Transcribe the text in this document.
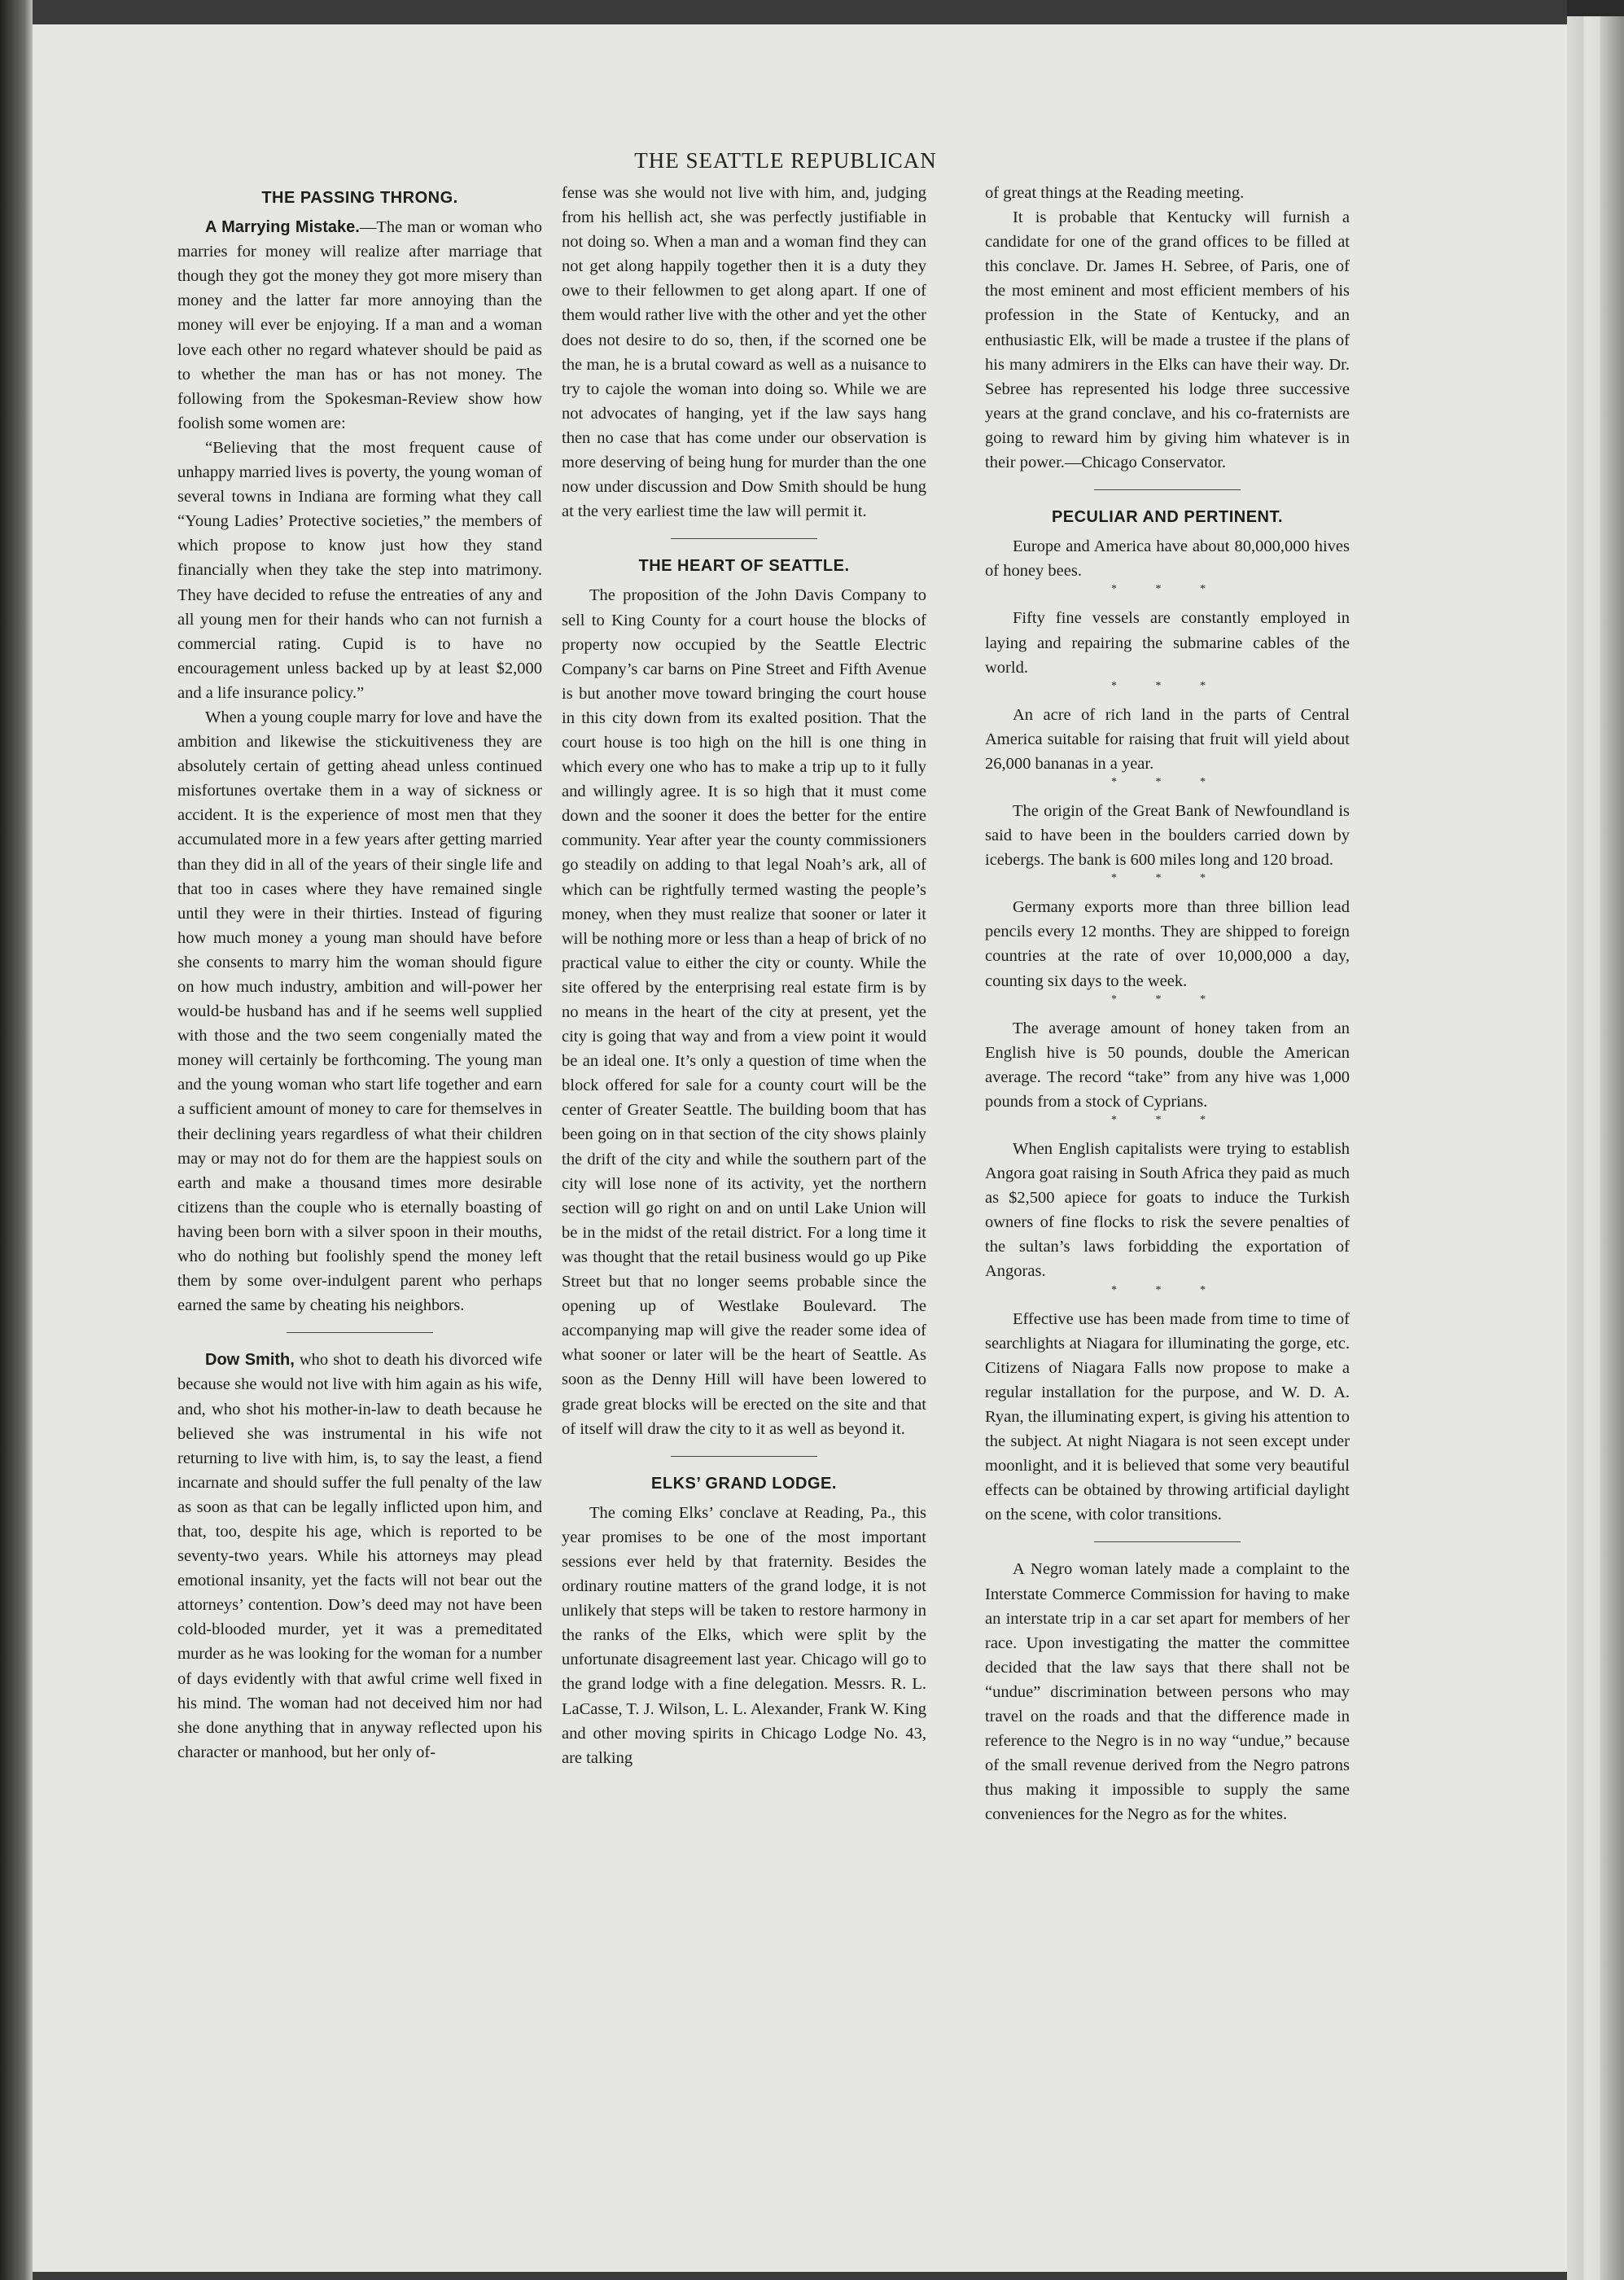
THE SEATTLE REPUBLICAN
THE PASSING THRONG.

A Marrying Mistake.—The man or woman who marries for money will realize after marriage that though they got the money they got more misery than money and the latter far more annoying than the money will ever be enjoying. If a man and a woman love each other no regard whatever should be paid as to whether the man has or has not money. The following from the Spokesman-Review show how foolish some women are:

“Believing that the most frequent cause of unhappy married lives is poverty, the young woman of several towns in Indiana are forming what they call “Young Ladies’ Protective societies,” the members of which propose to know just how they stand financially when they take the step into matrimony. They have decided to refuse the entreaties of any and all young men for their hands who can not furnish a commercial rating. Cupid is to have no encouragement unless backed up by at least $2,000 and a life insurance policy.”

When a young couple marry for love and have the ambition and likewise the stickuitiveness they are absolutely certain of getting ahead unless continued misfortunes overtake them in a way of sickness or accident. It is the experience of most men that they accumulated more in a few years after getting married than they did in all of the years of their single life and that too in cases where they have remained single until they were in their thirties. Instead of figuring how much money a young man should have before she consents to marry him the woman should figure on how much industry, ambition and will-power her would-be husband has and if he seems well supplied with those and the two seem congenially mated the money will certainly be forthcoming. The young man and the young woman who start life together and earn a sufficient amount of money to care for themselves in their declining years regardless of what their children may or may not do for them are the happiest souls on earth and make a thousand times more desirable citizens than the couple who is eternally boasting of having been born with a silver spoon in their mouths, who do nothing but foolishly spend the money left them by some over-indulgent parent who perhaps earned the same by cheating his neighbors.

Dow Smith, who shot to death his divorced wife because she would not live with him again as his wife, and, who shot his mother-in-law to death because he believed she was instrumental in his wife not returning to live with him, is, to say the least, a fiend incarnate and should suffer the full penalty of the law as soon as that can be legally inflicted upon him, and that, too, despite his age, which is reported to be seventy-two years. While his attorneys may plead emotional insanity, yet the facts will not bear out the attorneys’ contention. Dow’s deed may not have been cold-blooded murder, yet it was a premeditated murder as he was looking for the woman for a number of days evidently with that awful crime well fixed in his mind. The woman had not deceived him nor had she done anything that in anyway reflected upon his character or manhood, but her only of-

fense was she would not live with him, and, judging from his hellish act, she was perfectly justifiable in not doing so. When a man and a woman find they can not get along happily together then it is a duty they owe to their fellowmen to get along apart. If one of them would rather live with the other and yet the other does not desire to do so, then, if the scorned one be the man, he is a brutal coward as well as a nuisance to try to cajole the woman into doing so. While we are not advocates of hanging, yet if the law says hang then no case that has come under our observation is more deserving of being hung for murder than the one now under discussion and Dow Smith should be hung at the very earliest time the law will permit it.

THE HEART OF SEATTLE.

The proposition of the John Davis Company to sell to King County for a court house the blocks of property now occupied by the Seattle Electric Company’s car barns on Pine Street and Fifth Avenue is but another move toward bringing the court house in this city down from its exalted position. That the court house is too high on the hill is one thing in which every one who has to make a trip up to it fully and willingly agree. It is so high that it must come down and the sooner it does the better for the entire community. Year after year the county commissioners go steadily on adding to that legal Noah’s ark, all of which can be rightfully termed wasting the people’s money, when they must realize that sooner or later it will be nothing more or less than a heap of brick of no practical value to either the city or county. While the site offered by the enterprising real estate firm is by no means in the heart of the city at present, yet the city is going that way and from a view point it would be an ideal one. It’s only a question of time when the block offered for sale for a county court will be the center of Greater Seattle. The building boom that has been going on in that section of the city shows plainly the drift of the city and while the southern part of the city will lose none of its activity, yet the northern section will go right on and on until Lake Union will be in the midst of the retail district. For a long time it was thought that the retail business would go up Pike Street but that no longer seems probable since the opening up of Westlake Boulevard. The accompanying map will give the reader some idea of what sooner or later will be the heart of Seattle. As soon as the Denny Hill will have been lowered to grade great blocks will be erected on the site and that of itself will draw the city to it as well as beyond it.

ELKS’ GRAND LODGE.

The coming Elks’ conclave at Reading, Pa., this year promises to be one of the most important sessions ever held by that fraternity. Besides the ordinary routine matters of the grand lodge, it is not unlikely that steps will be taken to restore harmony in the ranks of the Elks, which were split by the unfortunate disagreement last year. Chicago will go to the grand lodge with a fine delegation. Messrs. R. L. LaCasse, T. J. Wilson, L. L. Alexander, Frank W. King and other moving spirits in Chicago Lodge No. 43, are talking

of great things at the Reading meeting.

It is probable that Kentucky will furnish a candidate for one of the grand offices to be filled at this conclave. Dr. James H. Sebree, of Paris, one of the most eminent and most efficient members of his profession in the State of Kentucky, and an enthusiastic Elk, will be made a trustee if the plans of his many admirers in the Elks can have their way. Dr. Sebree has represented his lodge three successive years at the grand conclave, and his co-fraternists are going to reward him by giving him whatever is in their power.—Chicago Conservator.

PECULIAR AND PERTINENT.

Europe and America have about 80,000,000 hives of honey bees.

* * *

Fifty fine vessels are constantly employed in laying and repairing the submarine cables of the world.

* * *

An acre of rich land in the parts of Central America suitable for raising that fruit will yield about 26,000 bananas in a year.

* * *

The origin of the Great Bank of Newfoundland is said to have been in the boulders carried down by icebergs. The bank is 600 miles long and 120 broad.

* * *

Germany exports more than three billion lead pencils every 12 months. They are shipped to foreign countries at the rate of over 10,000,000 a day, counting six days to the week.

* * *

The average amount of honey taken from an English hive is 50 pounds, double the American average. The record “take” from any hive was 1,000 pounds from a stock of Cyprians.

* * *

When English capitalists were trying to establish Angora goat raising in South Africa they paid as much as $2,500 apiece for goats to induce the Turkish owners of fine flocks to risk the severe penalties of the sultan’s laws forbidding the exportation of Angoras.

* * *

Effective use has been made from time to time of searchlights at Niagara for illuminating the gorge, etc. Citizens of Niagara Falls now propose to make a regular installation for the purpose, and W. D. A. Ryan, the illuminating expert, is giving his attention to the subject. At night Niagara is not seen except under moonlight, and it is believed that some very beautiful effects can be obtained by throwing artificial daylight on the scene, with color transitions.

A Negro woman lately made a complaint to the Interstate Commerce Commission for having to make an interstate trip in a car set apart for members of her race. Upon investigating the matter the committee decided that the law says that there shall not be “undue” discrimination between persons who may travel on the roads and that the difference made in reference to the Negro is in no way “undue,” because of the small revenue derived from the Negro patrons thus making it impossible to supply the same conveniences for the Negro as for the whites.
